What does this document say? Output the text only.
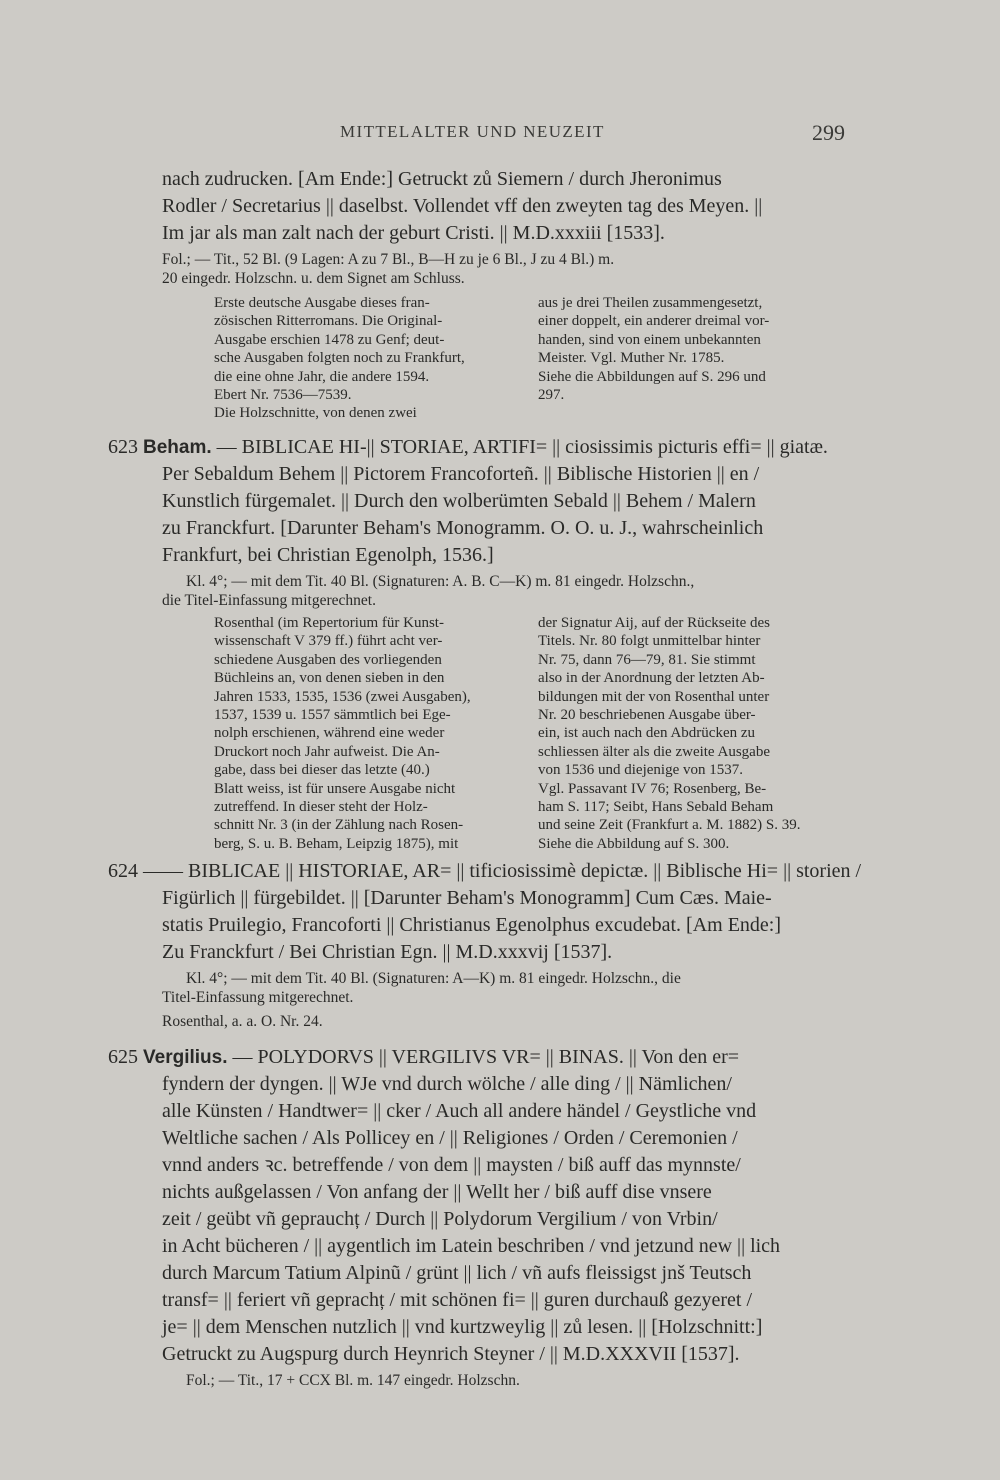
MITTELALTER UND NEUZEIT	299
nach zudrucken. [Am Ende:] Getruckt zů Siemern / durch Jheronimus
Rodler / Secretarius || daselbst. Vollendet vff den zweyten tag des Meyen. ||
Im jar als man zalt nach der geburt Cristi. || M.D.xxxiii [1533].
Fol.; — Tit., 52 Bl. (9 Lagen: A zu 7 Bl., B—H zu je 6 Bl., J zu 4 Bl.) m.
20 eingedr. Holzschn. u. dem Signet am Schluss.
Erste deutsche Ausgabe dieses fran-
zösischen Ritterromans. Die Original-
Ausgabe erschien 1478 zu Genf; deut-
sche Ausgaben folgten noch zu Frankfurt,
die eine ohne Jahr, die andere 1594.
Ebert Nr. 7536—7539.
Die Holzschnitte, von denen zwei
aus je drei Theilen zusammengesetzt,
einer doppelt, ein anderer dreimal vor-
handen, sind von einem unbekannten
Meister. Vgl. Muther Nr. 1785.
Siehe die Abbildungen auf S. 296 und
297.
623 Beham. — BIBLICAE HI-|| STORIAE, ARTIFI= || ciosissimis picturis effi= || giatæ.
Per Sebaldum Behem || Pictorem Francoforteñ. || Biblische Historien || en /
Kunstlich fürgemalet. || Durch den wolberümten Sebald || Behem / Malern
zu Franckfurt. [Darunter Beham's Monogramm. O. O. u. J., wahrscheinlich
Frankfurt, bei Christian Egenolph, 1536.]
Kl. 4°; — mit dem Tit. 40 Bl. (Signaturen: A. B. C—K) m. 81 eingedr. Holzschn.,
die Titel-Einfassung mitgerechnet.
Rosenthal (im Repertorium für Kunst-
wissenschaft V 379 ff.) führt acht ver-
schiedene Ausgaben des vorliegenden
Büchleins an, von denen sieben in den
Jahren 1533, 1535, 1536 (zwei Ausgaben),
1537, 1539 u. 1557 sämmtlich bei Ege-
nolph erschienen, während eine weder
Druckort noch Jahr aufweist. Die An-
gabe, dass bei dieser das letzte (40.)
Blatt weiss, ist für unsere Ausgabe nicht
zutreffend. In dieser steht der Holz-
schnitt Nr. 3 (in der Zählung nach Rosen-
berg, S. u. B. Beham, Leipzig 1875), mit
der Signatur Aij, auf der Rückseite des
Titels. Nr. 80 folgt unmittelbar hinter
Nr. 75, dann 76—79, 81. Sie stimmt
also in der Anordnung der letzten Ab-
bildungen mit der von Rosenthal unter
Nr. 20 beschriebenen Ausgabe über-
ein, ist auch nach den Abdrücken zu
schliessen älter als die zweite Ausgabe
von 1536 und diejenige von 1537.
Vgl. Passavant IV 76; Rosenberg, Be-
ham S. 117; Seibt, Hans Sebald Beham
und seine Zeit (Frankfurt a. M. 1882) S. 39.
Siehe die Abbildung auf S. 300.
624 —— BIBLICAE || HISTORIAE, AR= || tificiosissimè depictæ. || Biblische Hi= || storien /
Figürlich || fürgebildet. || [Darunter Beham's Monogramm] Cum Cæs. Maie-
statis Pruilegio, Francoforti || Christianus Egenolphus excudebat. [Am Ende:]
Zu Franckfurt / Bei Christian Egn. || M.D.xxxvij [1537].
Kl. 4°; — mit dem Tit. 40 Bl. (Signaturen: A—K) m. 81 eingedr. Holzschn., die
Titel-Einfassung mitgerechnet.
Rosenthal, a. a. O. Nr. 24.
625 Vergilius. — POLYDORVS || VERGILIVS VR= || BINAS. || Von den er=
fyndern der dyngen. || WJe vnd durch wölche / alle ding / || Nämlichen/
alle Künsten / Handtwer= || cker / Auch all andere händel / Geystliche vnd
Weltliche sachen / Als Pollicey en / || Religiones / Orden / Ceremonien /
vnnd anders ꝛc. betreffende / von dem || maysten / biß auff das mynnste/
nichts außgelassen / Von anfang der || Wellt her / biß auff dise vnsere
zeit / geübt vñ geprauchț / Durch || Polydorum Vergilium / von Vrbin/
in Acht bücheren / || aygentlich im Latein beschriben / vnd jetzund new || lich
durch Marcum Tatium Alpinũ / grünt || lich / vñ aufs fleissigst jnš Teutsch
transf= || feriert vñ geprachț / mit schönen fi= || guren durchauß gezyeret /
je= || dem Menschen nutzlich || vnd kurtzweylig || zů lesen. || [Holzschnitt:]
Getruckt zu Augspurg durch Heynrich Steyner / || M.D.XXXVII [1537].
Fol.; — Tit., 17 + CCX Bl. m. 147 eingedr. Holzschn.
